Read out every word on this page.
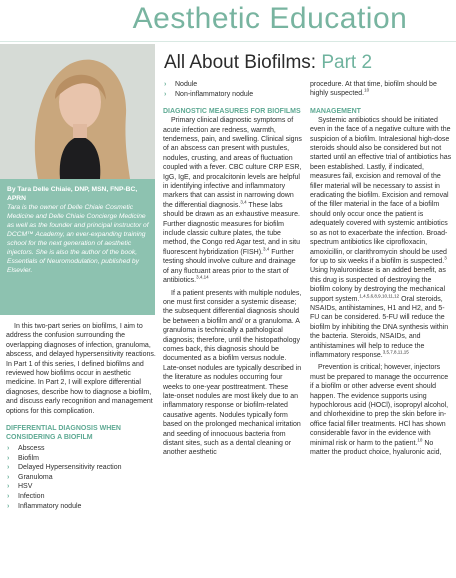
Aesthetic Education
By Tara Delle Chiaie, DNP, MSN, FNP-BC, APRN
Tara is the owner of Delle Chiaie Cosmetic Medicine and Delle Chiaie Concierge Medicine as well as the founder and principal instructor of DCCM™ Academy, an ever-expanding training school for the next generation of aesthetic injectors. She is also the author of the book, Essentials of Neuromodulation, published by Elsevier.
All About Biofilms: Part 2

In this two-part series on biofilms, I aim to address the confusion surrounding the overlapping diagnoses of infection, granuloma, abscess, and delayed hypersensitivity reactions. In Part 1 of this series, I defined biofilms and reviewed how biofilms occur in aesthetic medicine. In Part 2, I will explore differential diagnoses, describe how to diagnose a biofilm, and discuss early recognition and management options for this complication.

DIFFERENTIAL DIAGNOSIS WHEN CONSIDERING A BIOFILM
› Abscess
› Biofilm
› Delayed Hypersensitivity reaction
› Granuloma
› HSV
› Infection
› Inflammatory nodule
› Nodule
› Non-inflammatory nodule
DIAGNOSTIC MEASURES FOR BIOFILMS

Primary clinical diagnostic symptoms of acute infection are redness, warmth, tenderness, pain, and swelling. Clinical signs of an abscess can present with pustules, nodules, crusting, and areas of fluctuation coupled with a fever. CBC culture CRP ESR, IgG, IgE, and procalcitonin levels are helpful in identifying infective and inflammatory markers that can assist in narrowing down the differential diagnosis.$^{3,4}$ These labs should be drawn as an exhaustive measure. Further diagnostic measures for biofilm include classic culture plates, the tube method, the Congo red Agar test, and in situ fluorescent hybridization (FISH).$^{3,4}$ Further testing should involve culture and drainage of any fluctuant areas prior to the start of antibiotics.$^{3,4,14}$

If a patient presents with multiple nodules, one must first consider a systemic disease; the subsequent differential diagnosis should be between a biofilm and/ or a granuloma. A granuloma is technically a pathological diagnosis; therefore, until the histopathology comes back, this diagnosis should be documented as a biofilm versus nodule. Late-onset nodules are typically described in the literature as nodules occurring four weeks to one-year posttreatment. These late-onset nodules are most likely due to an inflammatory response or biofilm-related causative agents. Nodules typically form based on the prolonged mechanical irritation and seeding of innocuous bacteria from distant sites, such as a dental cleaning or another aesthetic

procedure. At that time, biofilm should be highly suspected.$^{10}$

MANAGEMENT

Systemic antibiotics should be initiated even in the face of a negative culture with the suspicion of a biofilm. Intralesional high-dose steroids should also be considered but not started until an effective trial of antibiotics has been established. Lastly, if indicated, measures fail, excision and removal of the filler material will be necessary to assist in eradicating the biofilm. Excision and removal of the filler material in the face of a biofilm should only occur once the patient is adequately covered with systemic antibiotics so as not to exacerbate the infection. Broad-spectrum antibiotics like ciprofloxacin, amoxicillin, or clarithromycin should be used for up to six weeks if a biofilm is suspected.$^3$ Using hyaluronidase is an added benefit, as this drug is suspected of destroying the biofilm colony by destroying the mechanical support system.$^{1,4,5,6,8,9,10,11,12}$ Oral steroids, NSAIDs, antihistamines, H1 and H2, and 5-FU can be considered. 5-FU will reduce the biofilm by inhibiting the DNA synthesis within the bacteria. Steroids, NSAIDs, and antihistamines will help to reduce the inflammatory response.$^{3,5,7,8,11,15}$

Prevention is critical; however, injectors must be prepared to manage the occurrence if a biofilm or other adverse event should happen. The evidence supports using hypochlorous acid (HOCl), isopropyl alcohol, and chlorhexidine to prep the skin before in-office facial filler treatments. HCl has shown considerable favor in the evidence with minimal risk or harm to the patient.$^{10}$ No matter the product choice, hyaluronic acid,
